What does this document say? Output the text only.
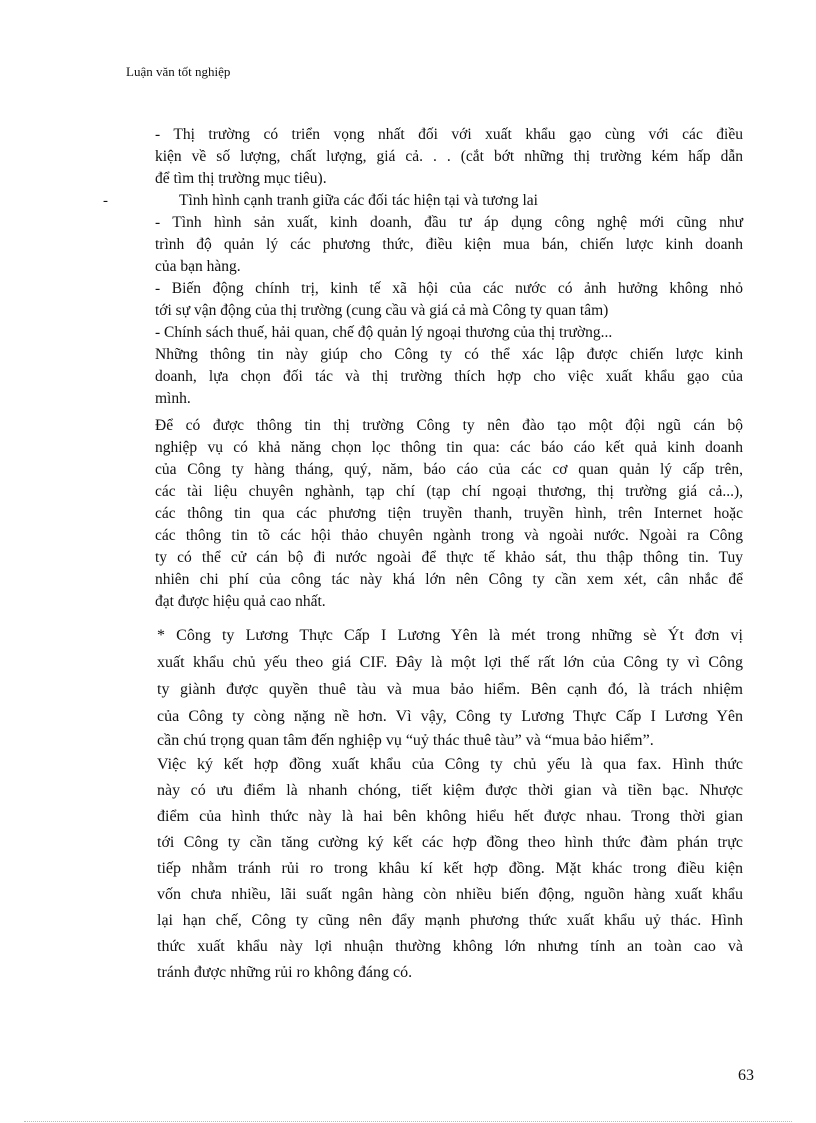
Luận văn tốt nghiệp
- Thị trường có triển vọng nhất đối với xuất khẩu gạo cùng với các điều
kiện về số lượng, chất lượng, giá cả. . . (cắt bớt những thị trường kém hấp dẫn
để tìm thị trường mục tiêu).
-	Tình hình cạnh tranh giữa các đối tác hiện tại và tương lai
- Tình hình sản xuất, kinh doanh, đầu tư áp dụng công nghệ mới cũng như
trình độ quản lý các phương thức, điều kiện mua bán, chiến lược kinh doanh
của bạn hàng.
- Biến động chính trị, kinh tế xã hội của các nước có ảnh hưởng không nhỏ
tới sự vận động của thị trường (cung cầu và giá cả mà Công ty quan tâm)
- Chính sách thuế, hải quan, chế độ quản lý ngoại thương của thị trường...
Những thông tin này giúp cho Công ty có thể xác lập được chiến lược kinh
doanh, lựa chọn đối tác và thị trường thích hợp cho việc xuất khẩu gạo của
mình.
Để có được thông tin thị trường Công ty nên đào tạo một đội ngũ cán bộ
nghiệp vụ có khả năng chọn lọc thông tin qua: các báo cáo kết quả kinh doanh
của Công ty hàng tháng, quý, năm, báo cáo của các cơ quan quản lý cấp trên,
các tài liệu chuyên nghành, tạp chí (tạp chí ngoại thương, thị trường giá cả...),
các thông tin qua các phương tiện truyền thanh, truyền hình, trên Internet hoặc
các thông tin tõ các hội thảo chuyên ngành trong và ngoài nước. Ngoài ra Công
ty có thể cử cán bộ đi nước ngoài để thực tế khảo sát, thu thập thông tin. Tuy
nhiên chi phí của công tác này khá lớn nên Công ty cần xem xét, cân nhắc để
đạt được hiệu quả cao nhất.
* Công ty Lương Thực Cấp I Lương Yên là mét trong những sè Ýt đơn vị
xuất khẩu chủ yếu theo giá CIF. Đây là một lợi thế rất lớn của Công ty vì Công
ty giành được quyền thuê tàu và mua bảo hiểm. Bên cạnh đó, là trách nhiệm
của Công ty còng nặng nề hơn. Vì vậy, Công ty Lương Thực Cấp I Lương Yên
cần chú trọng quan tâm đến nghiệp vụ “uỷ thác thuê tàu” và “mua bảo hiểm”.
Việc ký kết hợp đồng xuất khẩu của Công ty chủ yếu là qua fax. Hình thức
này có ưu điểm là nhanh chóng, tiết kiệm được thời gian và tiền bạc. Nhược
điểm của hình thức này là hai bên không hiểu hết được nhau. Trong thời gian
tới Công ty cần tăng cường ký kết các hợp đồng theo hình thức đàm phán trực
tiếp nhằm tránh rủi ro trong khâu kí kết hợp đồng. Mặt khác trong điều kiện
vốn chưa nhiều, lãi suất ngân hàng còn nhiều biến động, nguồn hàng xuất khẩu
lại hạn chế, Công ty cũng nên đẩy mạnh phương thức xuất khẩu uỷ thác. Hình
thức xuất khẩu này lợi nhuận thường không lớn nhưng tính an toàn cao và
tránh được những rủi ro không đáng có.
63
